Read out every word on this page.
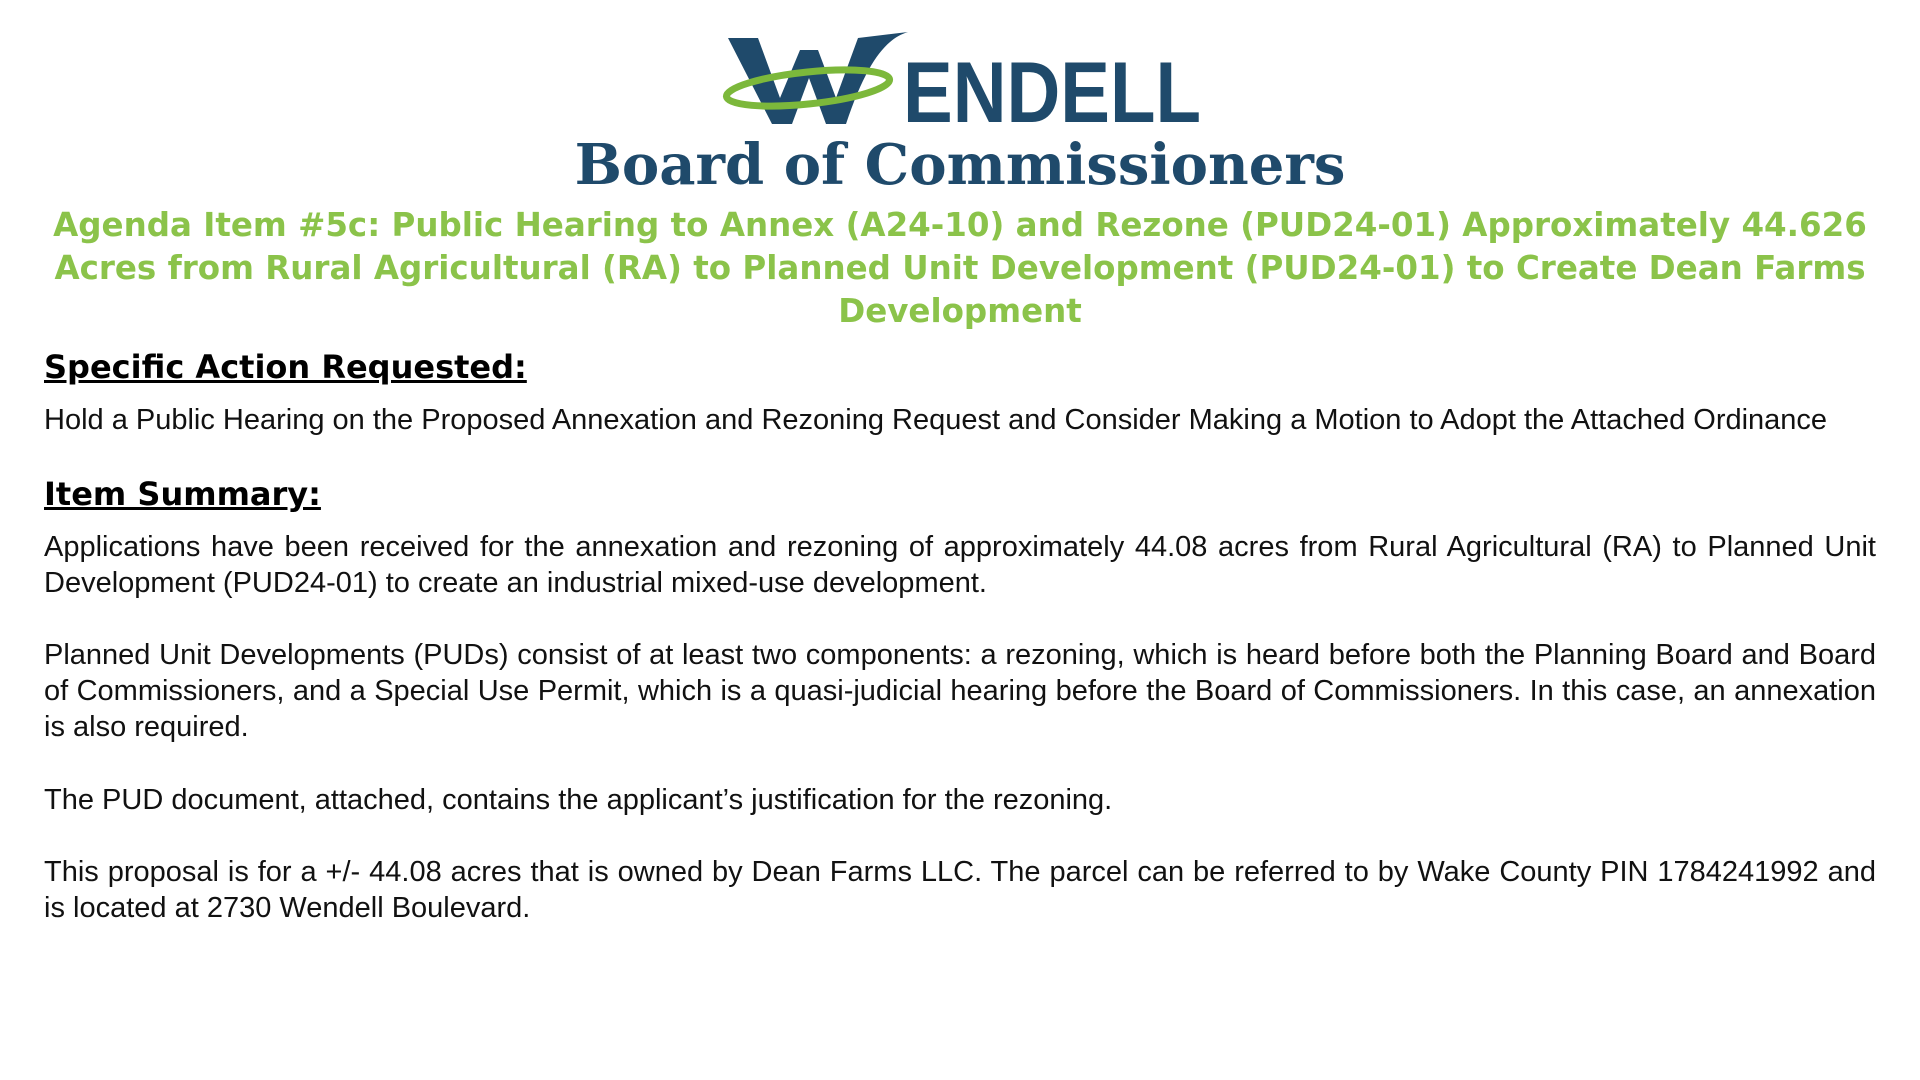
ENDELL
Board of Commissioners
Agenda Item #5c: Public Hearing to Annex (A24-10) and Rezone (PUD24-01) Approximately 44.626 Acres from Rural Agricultural (RA) to Planned Unit Development (PUD24-01) to Create Dean Farms Development
Specific Action Requested:
Hold a Public Hearing on the Proposed Annexation and Rezoning Request and Consider Making a Motion to Adopt the Attached Ordinance
Item Summary:
Applications have been received for the annexation and rezoning of approximately 44.08 acres from Rural Agricultural (RA) to Planned Unit Development (PUD24-01) to create an industrial mixed-use development.
Planned Unit Developments (PUDs) consist of at least two components: a rezoning, which is heard before both the Planning Board and Board of Commissioners, and a Special Use Permit, which is a quasi-judicial hearing before the Board of Commissioners. In this case, an annexation is also required.
The PUD document, attached, contains the applicant’s justification for the rezoning.
This proposal is for a +/- 44.08 acres that is owned by Dean Farms LLC. The parcel can be referred to by Wake County PIN 1784241992 and is located at 2730 Wendell Boulevard.
